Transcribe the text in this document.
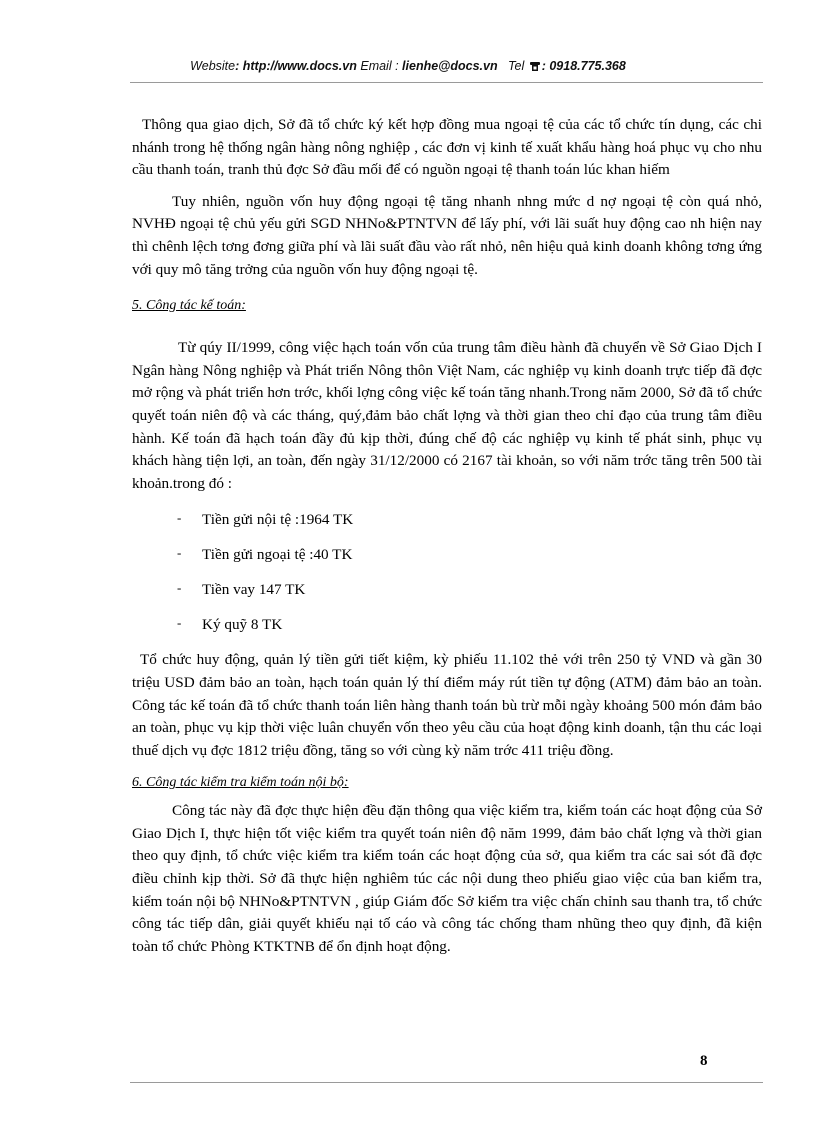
Website: http://www.docs.vn Email : lienhe@docs.vn Tel : 0918.775.368

Thông qua giao dịch, Sở đã tổ chức ký kết hợp đồng mua ngoại tệ của các tổ chức tín dụng, các chi nhánh trong hệ thống ngân hàng nông nghiệp , các đơn vị kinh tế xuất khẩu hàng hoá phục vụ cho nhu cầu thanh toán, tranh thủ đợc Sở đầu mối để có nguồn ngoại tệ thanh toán lúc khan hiếm

Tuy nhiên, nguồn vốn huy động ngoại tệ tăng nhanh nhng mức d nợ ngoại tệ còn quá nhỏ, NVHĐ ngoại tệ chủ yếu gửi SGD NHNo&PTNTVN để lấy phí, với lãi suất huy động cao nh hiện nay thì chênh lệch tơng đơng giữa phí và lãi suất đầu vào rất nhỏ, nên hiệu quả kinh doanh không tơng ứng với quy mô tăng trởng của nguồn vốn huy động ngoại tệ.

5. Công tác kế toán:

Từ qúy II/1999, công việc hạch toán vốn của trung tâm điều hành đã chuyển về Sở Giao Dịch I Ngân hàng Nông nghiệp và Phát triển Nông thôn Việt Nam, các nghiệp vụ kinh doanh trực tiếp đã đợc mở rộng và phát triển hơn trớc, khối lợng công việc kế toán tăng nhanh.Trong năm 2000, Sở đã tổ chức quyết toán niên độ và các tháng, quý,đảm bảo chất lợng và thời gian theo chỉ đạo của trung tâm điều hành. Kế toán đã hạch toán đầy đủ kịp thời, đúng chế độ các nghiệp vụ kinh tế phát sinh, phục vụ khách hàng tiện lợi, an toàn, đến ngày 31/12/2000 có 2167 tài khoản, so với năm trớc tăng trên 500 tài khoản.trong đó :

- Tiền gửi nội tệ :1964 TK
- Tiền gửi ngoại tệ :40 TK
- Tiền vay 147 TK
- Ký quỹ 8 TK

Tổ chức huy động, quản lý tiền gửi tiết kiệm, kỳ phiếu 11.102 thẻ với trên 250 tỷ VND và gần 30 triệu USD đảm bảo an toàn, hạch toán quản lý thí điểm máy rút tiền tự động (ATM) đảm bảo an toàn. Công tác kế toán đã tổ chức thanh toán liên hàng thanh toán bù trừ mỗi ngày khoảng 500 món đảm bảo an toàn, phục vụ kịp thời việc luân chuyển vốn theo yêu cầu của hoạt động kinh doanh, tận thu các loại thuế dịch vụ đợc 1812 triệu đồng, tăng so với cùng kỳ năm trớc 411 triệu đồng.

6. Công tác kiểm tra kiểm toán nội bộ:

Công tác này đã đợc thực hiện đều đặn thông qua việc kiểm tra, kiểm toán các hoạt động của Sở Giao Dịch I, thực hiện tốt việc kiểm tra quyết toán niên độ năm 1999, đảm bảo chất lợng và thời gian theo quy định, tổ chức việc kiểm tra kiểm toán các hoạt động của sở, qua kiểm tra các sai sót đã đợc điều chỉnh kịp thời. Sở đã thực hiện nghiêm túc các nội dung theo phiếu giao việc của ban kiểm tra, kiểm toán nội bộ NHNo&PTNTVN , giúp Giám đốc Sở kiểm tra việc chấn chỉnh sau thanh tra, tổ chức công tác tiếp dân, giải quyết khiếu nại tố cáo và công tác chống tham nhũng theo quy định, đã kiện toàn tổ chức Phòng KTKTNB để ổn định hoạt động.

8
